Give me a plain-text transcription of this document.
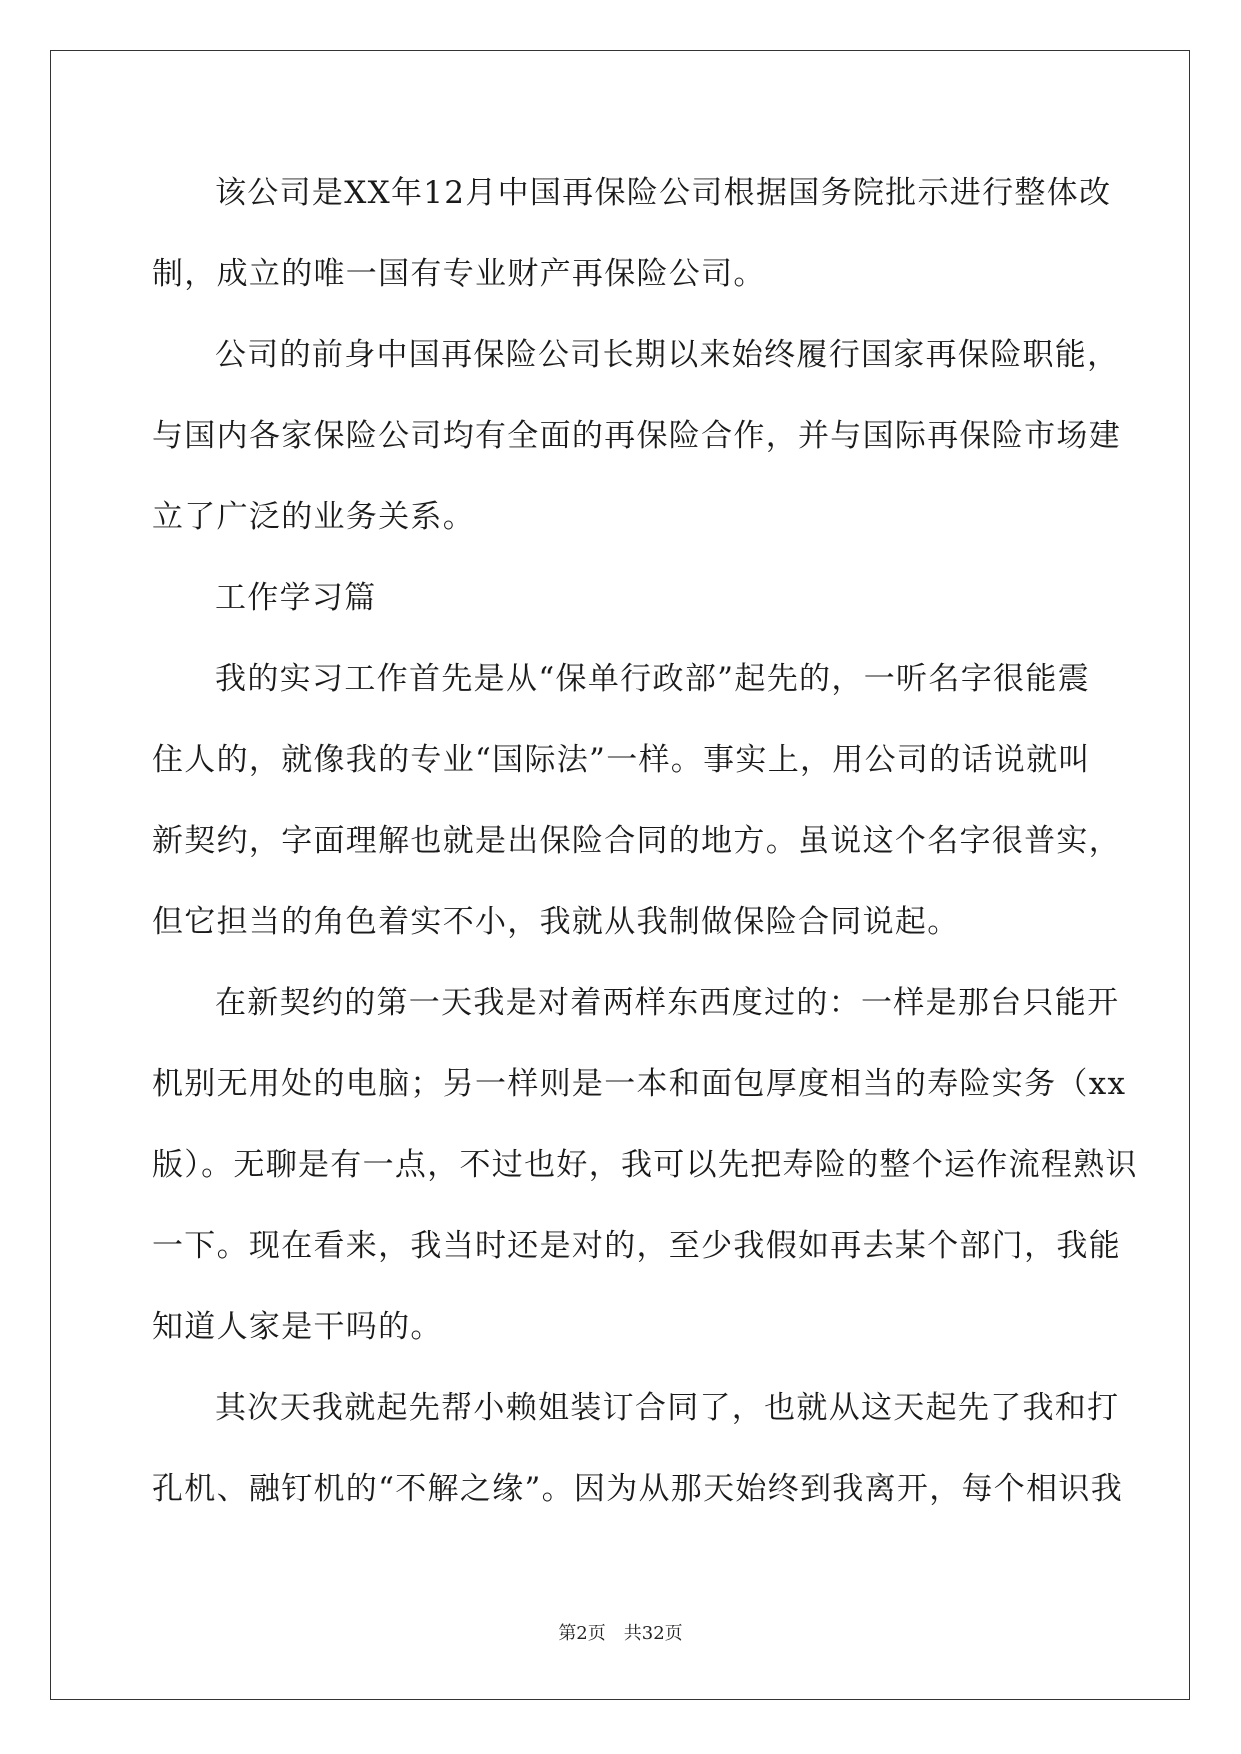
该公司是XX年12月中国再保险公司根据国务院批示进行整体改
制，成立的唯一国有专业财产再保险公司。
公司的前身中国再保险公司长期以来始终履行国家再保险职能，
与国内各家保险公司均有全面的再保险合作，并与国际再保险市场建
立了广泛的业务关系。
工作学习篇
我的实习工作首先是从“保单行政部”起先的，一听名字很能震
住人的，就像我的专业“国际法”一样。事实上，用公司的话说就叫
新契约，字面理解也就是出保险合同的地方。虽说这个名字很普实，
但它担当的角色着实不小，我就从我制做保险合同说起。
在新契约的第一天我是对着两样东西度过的：一样是那台只能开
机别无用处的电脑；另一样则是一本和面包厚度相当的寿险实务（xx
版）。无聊是有一点，不过也好，我可以先把寿险的整个运作流程熟识
一下。现在看来，我当时还是对的，至少我假如再去某个部门，我能
知道人家是干吗的。
其次天我就起先帮小赖姐装订合同了，也就从这天起先了我和打
孔机、融钉机的“不解之缘”。因为从那天始终到我离开，每个相识我
第2页　共32页
